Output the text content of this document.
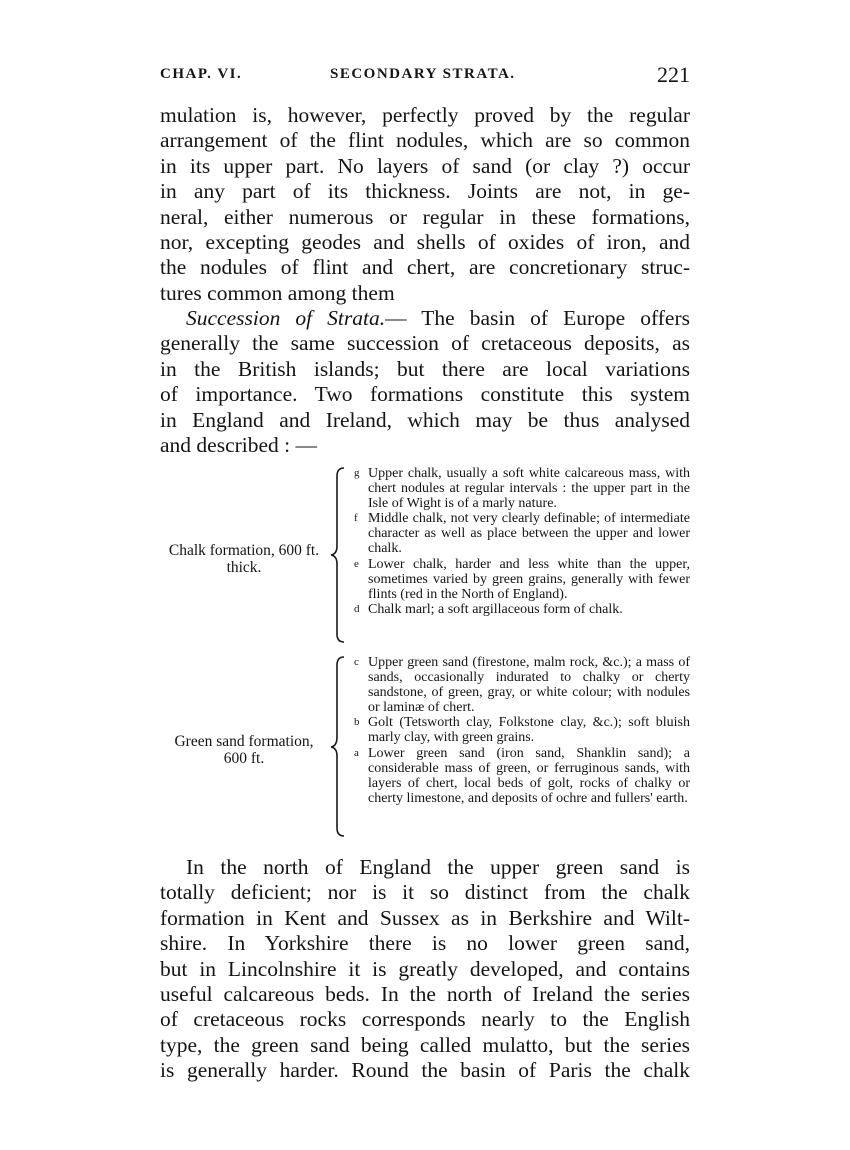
CHAP. VI.	SECONDARY STRATA.	221
mulation is, however, perfectly proved by the regular
arrangement of the flint nodules, which are so common
in its upper part. No layers of sand (or clay ?) occur
in any part of its thickness. Joints are not, in ge-
neral, either numerous or regular in these formations,
nor, excepting geodes and shells of oxides of iron, and
the nodules of flint and chert, are concretionary struc-
tures common among them
Succession of Strata.— The basin of Europe offers
generally the same succession of cretaceous deposits, as
in the British islands; but there are local variations
of importance. Two formations constitute this system
in England and Ireland, which may be thus analysed
and described : —
Chalk formation, 600 ft.
thick.
g Upper chalk, usually a soft white calcareous mass, with chert nodules at regular intervals : the upper part in the Isle of Wight is of a marly nature.
f Middle chalk, not very clearly definable; of intermediate character as well as place between the upper and lower chalk.
e Lower chalk, harder and less white than the upper, sometimes varied by green grains, generally with fewer flints (red in the North of England).
d Chalk marl; a soft argillaceous form of chalk.
Green sand formation,
600 ft.
c Upper green sand (firestone, malm rock, &c.); a mass of sands, occasionally indurated to chalky or cherty sandstone, of green, gray, or white colour; with nodules or laminæ of chert.
b Golt (Tetsworth clay, Folkstone clay, &c.); soft bluish marly clay, with green grains.
a Lower green sand (iron sand, Shanklin sand); a considerable mass of green, or ferruginous sands, with layers of chert, local beds of golt, rocks of chalky or cherty limestone, and deposits of ochre and fullers' earth.
In the north of England the upper green sand is
totally deficient; nor is it so distinct from the chalk
formation in Kent and Sussex as in Berkshire and Wilt-
shire. In Yorkshire there is no lower green sand,
but in Lincolnshire it is greatly developed, and contains
useful calcareous beds. In the north of Ireland the series
of cretaceous rocks corresponds nearly to the English
type, the green sand being called mulatto, but the series
is generally harder. Round the basin of Paris the chalk
